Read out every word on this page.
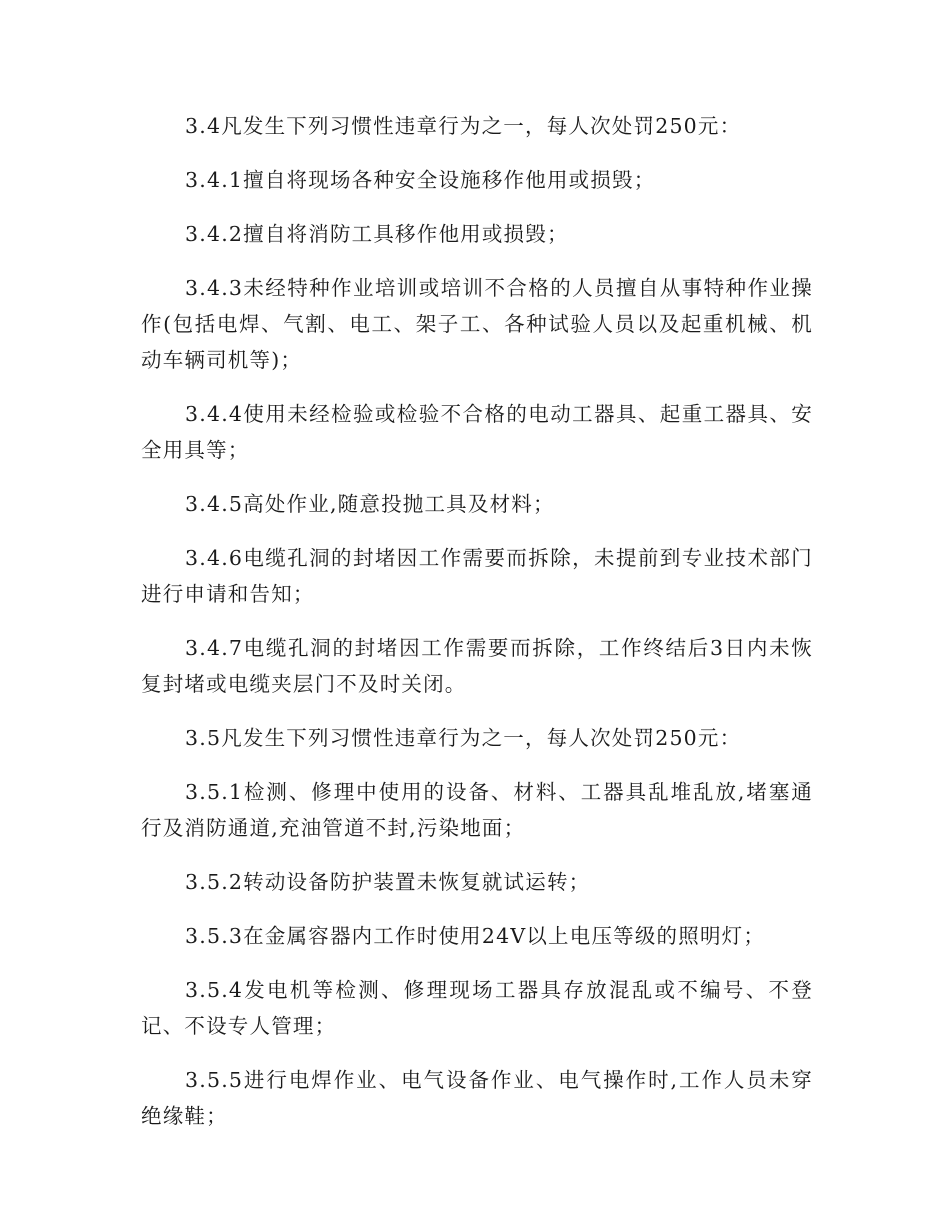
3.4凡发生下列习惯性违章行为之一，每人次处罚250元：

3.4.1擅自将现场各种安全设施移作他用或损毁；

3.4.2擅自将消防工具移作他用或损毁；

3.4.3未经特种作业培训或培训不合格的人员擅自从事特种作业操作(包括电焊、气割、电工、架子工、各种试验人员以及起重机械、机动车辆司机等)；

3.4.4使用未经检验或检验不合格的电动工器具、起重工器具、安全用具等；

3.4.5高处作业,随意投抛工具及材料；

3.4.6电缆孔洞的封堵因工作需要而拆除，未提前到专业技术部门进行申请和告知；

3.4.7电缆孔洞的封堵因工作需要而拆除，工作终结后3日内未恢复封堵或电缆夹层门不及时关闭。

3.5凡发生下列习惯性违章行为之一，每人次处罚250元：

3.5.1检测、修理中使用的设备、材料、工器具乱堆乱放,堵塞通行及消防通道,充油管道不封,污染地面；

3.5.2转动设备防护装置未恢复就试运转；

3.5.3在金属容器内工作时使用24V以上电压等级的照明灯；

3.5.4发电机等检测、修理现场工器具存放混乱或不编号、不登记、不设专人管理；

3.5.5进行电焊作业、电气设备作业、电气操作时,工作人员未穿绝缘鞋；
